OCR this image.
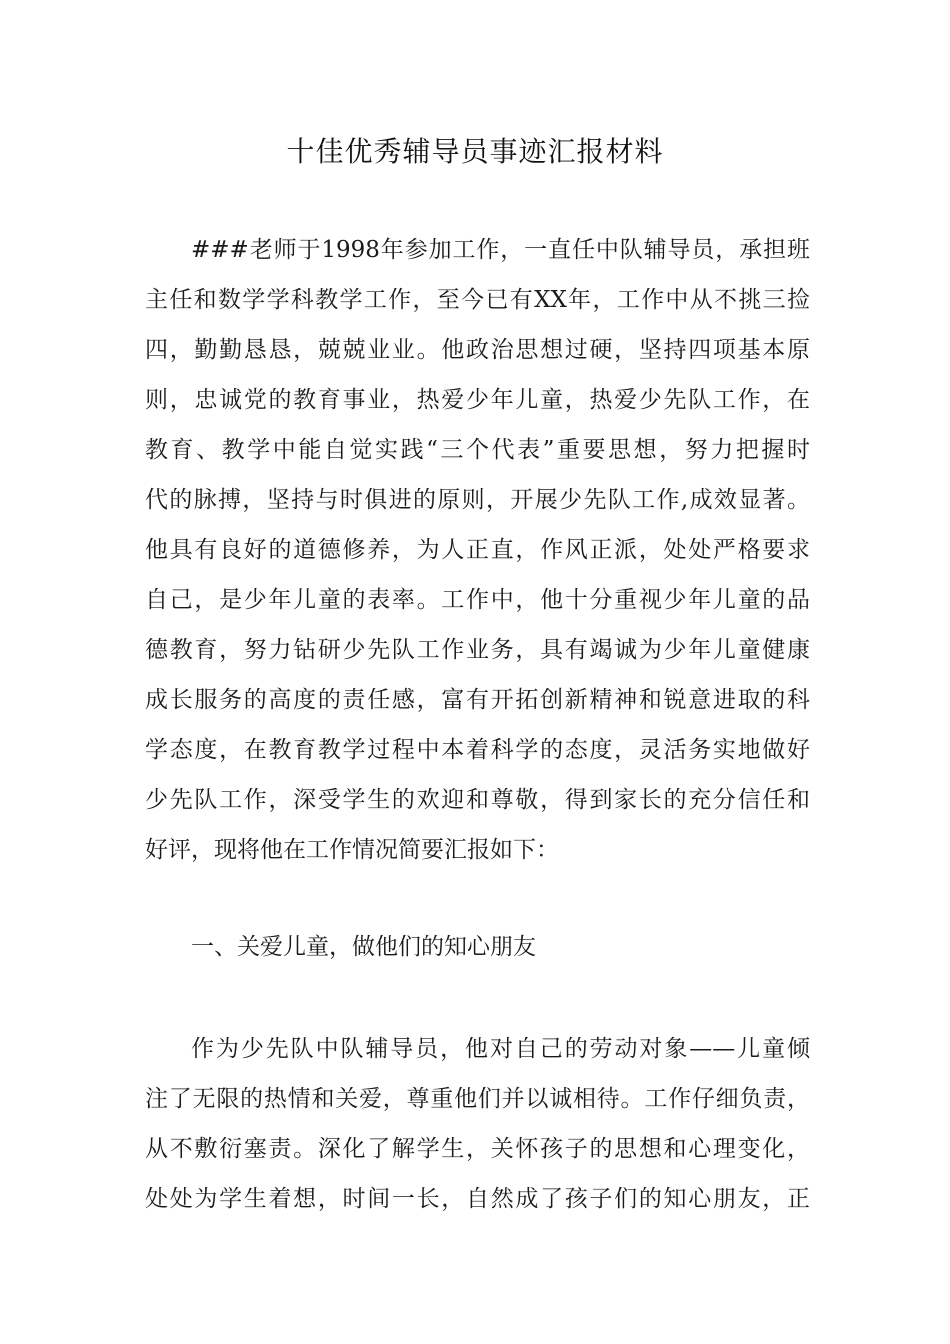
十佳优秀辅导员事迹汇报材料
###老师于1998年参加工作，一直任中队辅导员，承担班
主任和数学学科教学工作，至今已有XX年，工作中从不挑三捡
四，勤勤恳恳，兢兢业业。他政治思想过硬，坚持四项基本原
则，忠诚党的教育事业，热爱少年儿童，热爱少先队工作，在
教育、教学中能自觉实践“三个代表”重要思想，努力把握时
代的脉搏，坚持与时俱进的原则，开展少先队工作,成效显著。
他具有良好的道德修养，为人正直，作风正派，处处严格要求
自己，是少年儿童的表率。工作中，他十分重视少年儿童的品
德教育，努力钻研少先队工作业务，具有竭诚为少年儿童健康
成长服务的高度的责任感，富有开拓创新精神和锐意进取的科
学态度，在教育教学过程中本着科学的态度，灵活务实地做好
少先队工作，深受学生的欢迎和尊敬，得到家长的充分信任和
好评，现将他在工作情况简要汇报如下：
一、关爱儿童，做他们的知心朋友
作为少先队中队辅导员，他对自己的劳动对象——儿童倾
注了无限的热情和关爱，尊重他们并以诚相待。工作仔细负责，
从不敷衍塞责。深化了解学生，关怀孩子的思想和心理变化，
处处为学生着想，时间一长，自然成了孩子们的知心朋友，正
